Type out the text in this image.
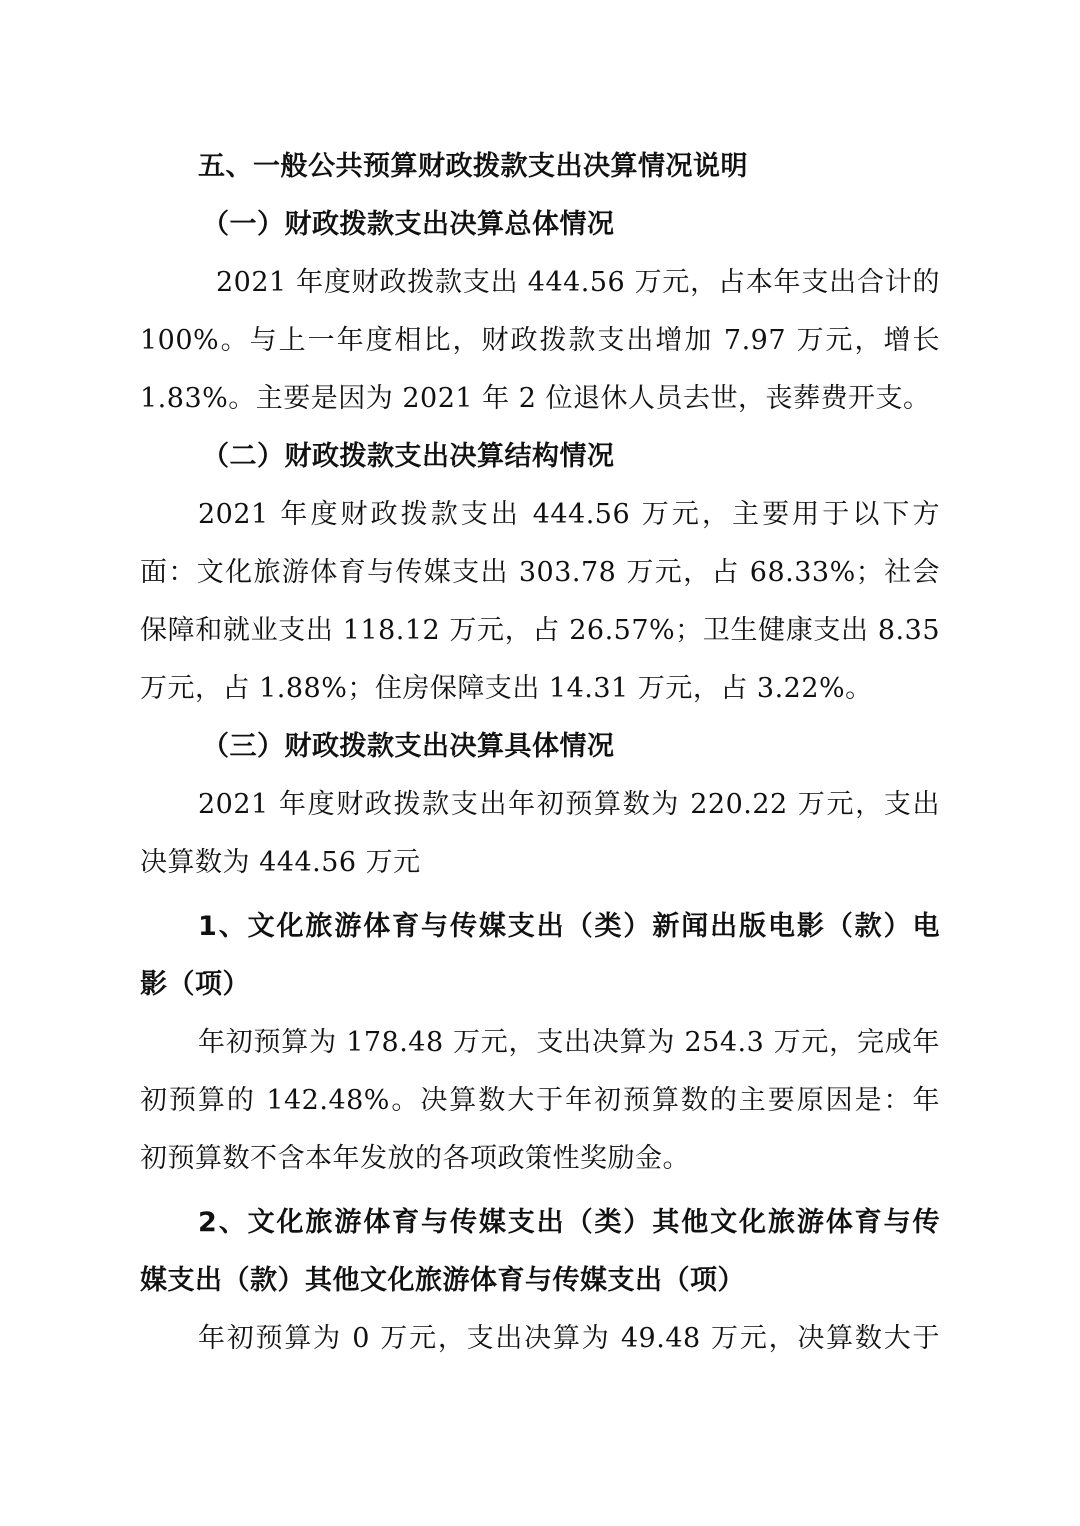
五、一般公共预算财政拨款支出决算情况说明
（一）财政拨款支出决算总体情况
2021 年度财政拨款支出 444.56 万元，占本年支出合计的
100%。与上一年度相比，财政拨款支出增加 7.97 万元，增长
1.83%。主要是因为 2021 年 2 位退休人员去世，丧葬费开支。
（二）财政拨款支出决算结构情况
2021 年度财政拨款支出 444.56 万元，主要用于以下方
面：文化旅游体育与传媒支出 303.78 万元，占 68.33%；社会
保障和就业支出 118.12 万元，占 26.57%；卫生健康支出 8.35
万元，占 1.88%；住房保障支出 14.31 万元，占 3.22%。
（三）财政拨款支出决算具体情况
2021 年度财政拨款支出年初预算数为 220.22 万元，支出
决算数为 444.56 万元
1、文化旅游体育与传媒支出（类）新闻出版电影（款）电
影（项）
年初预算为 178.48 万元，支出决算为 254.3 万元，完成年
初预算的 142.48%。决算数大于年初预算数的主要原因是：年
初预算数不含本年发放的各项政策性奖励金。
2、文化旅游体育与传媒支出（类）其他文化旅游体育与传
媒支出（款）其他文化旅游体育与传媒支出（项）
年初预算为 0 万元，支出决算为 49.48 万元，决算数大于
